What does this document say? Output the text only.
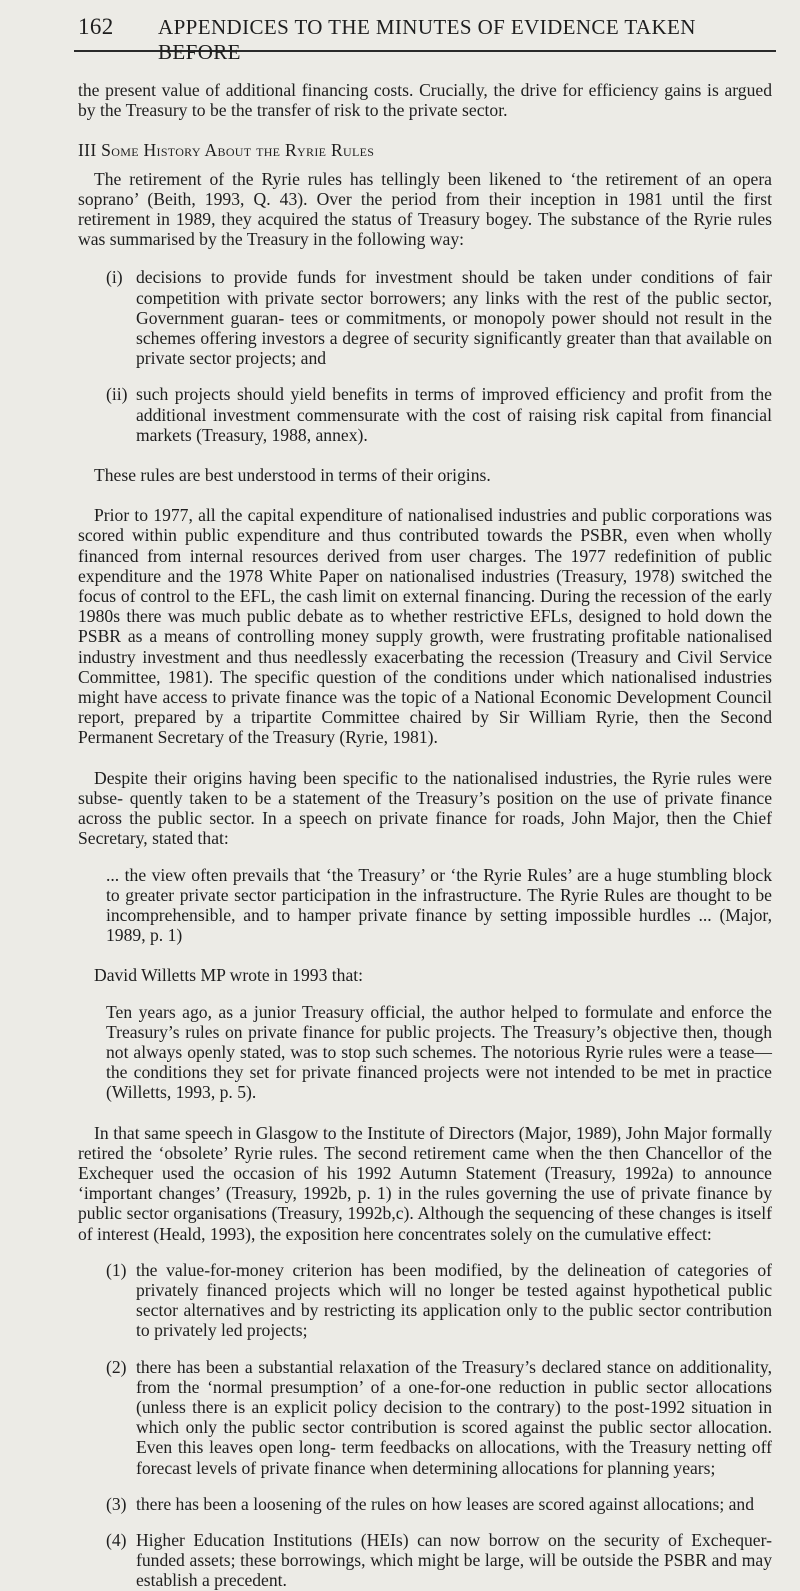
162	APPENDICES TO THE MINUTES OF EVIDENCE TAKEN BEFORE

the present value of additional financing costs. Crucially, the drive for efficiency gains is argued by the Treasury to be the transfer of risk to the private sector.

III Some History About the Ryrie Rules

The retirement of the Ryrie rules has tellingly been likened to ‘the retirement of an opera soprano’ (Beith, 1993, Q. 43). Over the period from their inception in 1981 until the first retirement in 1989, they acquired the status of Treasury bogey. The substance of the Ryrie rules was summarised by the Treasury in the following way:

(i) decisions to provide funds for investment should be taken under conditions of fair competition with private sector borrowers; any links with the rest of the public sector, Government guaran- tees or commitments, or monopoly power should not result in the schemes offering investors a degree of security significantly greater than that available on private sector projects; and
(ii) such projects should yield benefits in terms of improved efficiency and profit from the additional investment commensurate with the cost of raising risk capital from financial markets (Treasury, 1988, annex).

These rules are best understood in terms of their origins.

Prior to 1977, all the capital expenditure of nationalised industries and public corporations was scored within public expenditure and thus contributed towards the PSBR, even when wholly financed from internal resources derived from user charges. The 1977 redefinition of public expenditure and the 1978 White Paper on nationalised industries (Treasury, 1978) switched the focus of control to the EFL, the cash limit on external financing. During the recession of the early 1980s there was much public debate as to whether restrictive EFLs, designed to hold down the PSBR as a means of controlling money supply growth, were frustrating profitable nationalised industry investment and thus needlessly exacerbating the recession (Treasury and Civil Service Committee, 1981). The specific question of the conditions under which nationalised industries might have access to private finance was the topic of a National Economic Development Council report, prepared by a tripartite Committee chaired by Sir William Ryrie, then the Second Permanent Secretary of the Treasury (Ryrie, 1981).

Despite their origins having been specific to the nationalised industries, the Ryrie rules were subse- quently taken to be a statement of the Treasury’s position on the use of private finance across the public sector. In a speech on private finance for roads, John Major, then the Chief Secretary, stated that:

... the view often prevails that ‘the Treasury’ or ‘the Ryrie Rules’ are a huge stumbling block to greater private sector participation in the infrastructure. The Ryrie Rules are thought to be incomprehensible, and to hamper private finance by setting impossible hurdles ... (Major, 1989, p. 1)

David Willetts MP wrote in 1993 that:

Ten years ago, as a junior Treasury official, the author helped to formulate and enforce the Treasury’s rules on private finance for public projects. The Treasury’s objective then, though not always openly stated, was to stop such schemes. The notorious Ryrie rules were a tease—the conditions they set for private financed projects were not intended to be met in practice (Willetts, 1993, p. 5).

In that same speech in Glasgow to the Institute of Directors (Major, 1989), John Major formally retired the ‘obsolete’ Ryrie rules. The second retirement came when the then Chancellor of the Exchequer used the occasion of his 1992 Autumn Statement (Treasury, 1992a) to announce ‘important changes’ (Treasury, 1992b, p. 1) in the rules governing the use of private finance by public sector organisations (Treasury, 1992b,c). Although the sequencing of these changes is itself of interest (Heald, 1993), the exposition here concentrates solely on the cumulative effect:

(1) the value-for-money criterion has been modified, by the delineation of categories of privately financed projects which will no longer be tested against hypothetical public sector alternatives and by restricting its application only to the public sector contribution to privately led projects;
(2) there has been a substantial relaxation of the Treasury’s declared stance on additionality, from the ‘normal presumption’ of a one-for-one reduction in public sector allocations (unless there is an explicit policy decision to the contrary) to the post-1992 situation in which only the public sector contribution is scored against the public sector allocation. Even this leaves open long- term feedbacks on allocations, with the Treasury netting off forecast levels of private finance when determining allocations for planning years;
(3) there has been a loosening of the rules on how leases are scored against allocations; and
(4) Higher Education Institutions (HEIs) can now borrow on the security of Exchequer-funded assets; these borrowings, which might be large, will be outside the PSBR and may establish a precedent.
